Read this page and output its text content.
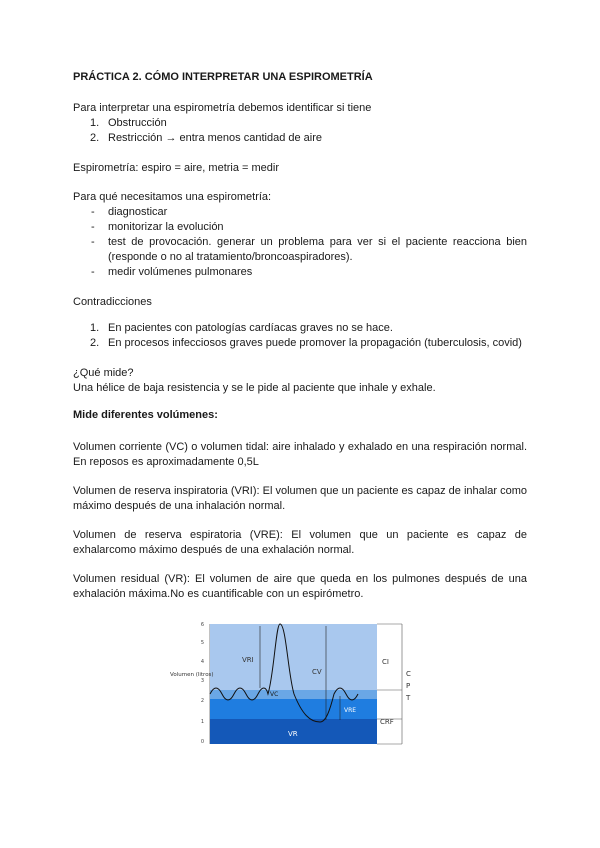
PRÁCTICA 2. CÓMO INTERPRETAR UNA ESPIROMETRÍA
Para interpretar una espirometría debemos identificar si tiene
1. Obstrucción
2. Restricción → entra menos cantidad de aire
Espirometría: espiro = aire, metria = medir
Para qué necesitamos una espirometría:
- diagnosticar
- monitorizar la evolución
- test de provocación. generar un problema para ver si el paciente reacciona bien (responde o no al tratamiento/broncoaspiradores).
- medir volúmenes pulmonares
Contradicciones
1. En pacientes con patologías cardíacas graves no se hace.
2. En procesos infecciosos graves puede promover la propagación (tuberculosis, covid)
¿Qué mide?
Una hélice de baja resistencia y se le pide al paciente que inhale y exhale.
Mide diferentes volúmenes:
Volumen corriente (VC) o volumen tidal: aire inhalado y exhalado en una respiración normal. En reposos es aproximadamente 0,5L
Volumen de reserva inspiratoria (VRI): El volumen que un paciente es capaz de inhalar como máximo después de una inhalación normal.
Volumen de reserva espiratoria (VRE): El volumen que un paciente es capaz de exhalarcomo máximo después de una exhalación normal.
Volumen residual (VR): El volumen de aire que queda en los pulmones después de una exhalación máxima.No es cuantificable con un espirómetro.
6
5
4
3
2
1
0
Volumen (litros)
VRI
CV
VC
VRE
VR
CI
CRF
C
P
T
